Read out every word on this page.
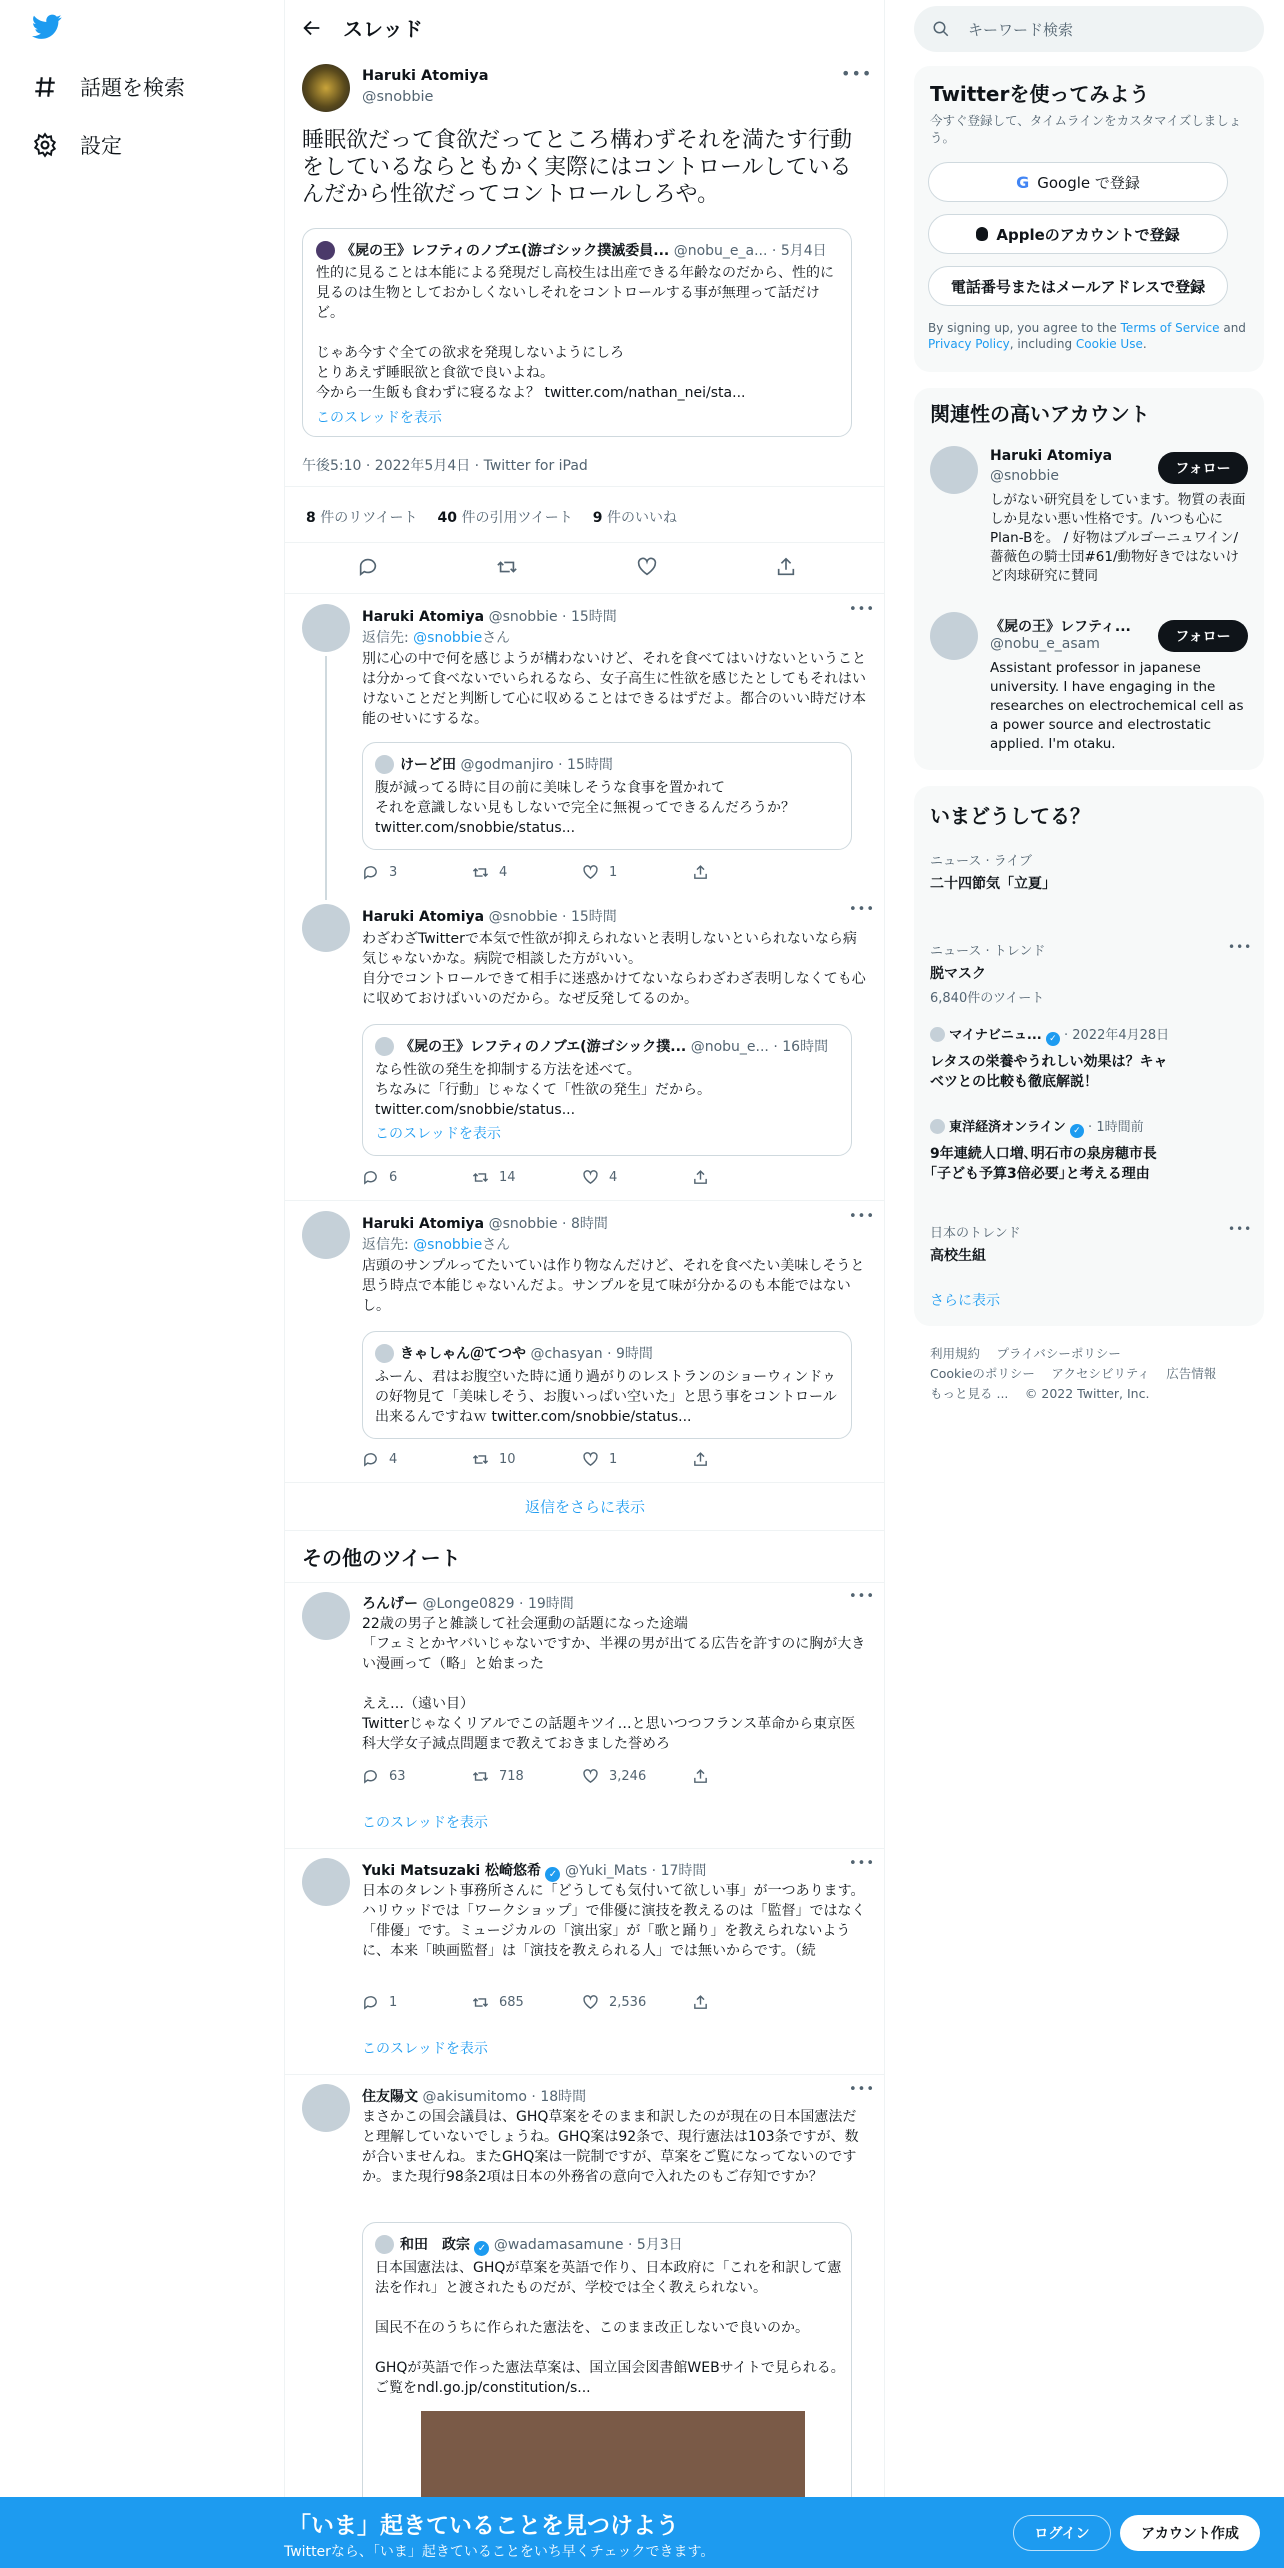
話題を検索
設定
スレッド
Haruki Atomiya
@snobbie
•••
睡眠欲だって食欲だってところ構わずそれを満たす行動をしているならともかく実際にはコントロールしているんだから性欲だってコントロールしろや。
《屍の王》レフティのノブエ(游ゴシック撲滅委員... @nobu_e_a... · 5月4日
性的に見ることは本能による発現だし高校生は出産できる年齢なのだから、性的に見るのは生物としておかしくないしそれをコントロールする事が無理って話だけど。

じゃあ今すぐ全ての欲求を発現しないようにしろ
とりあえず睡眠欲と食欲で良いよね。
今から一生飯も食わずに寝るなよ？ twitter.com/nathan_nei/sta...
このスレッドを表示
午後5:10 · 2022年5月4日 · Twitter for iPad
8 件のリツイート 40 件の引用ツイート 9 件のいいね
Haruki Atomiya @snobbie · 15時間	•••
返信先: @snobbieさん
別に心の中で何を感じようが構わないけど、それを食べてはいけないということは分かって食べないでいられるなら、女子高生に性欲を感じたとしてもそれはいけないことだと判断して心に収めることはできるはずだよ。都合のいい時だけ本能のせいにするな。
けーど田 @godmanjiro · 15時間
腹が減ってる時に目の前に美味しそうな食事を置かれて
それを意識しない見もしないで完全に無視ってできるんだろうか？
twitter.com/snobbie/status...
3	4	1
Haruki Atomiya @snobbie · 15時間	•••
わざわざTwitterで本気で性欲が抑えられないと表明しないといられないなら病気じゃないかな。病院で相談した方がいい。
自分でコントロールできて相手に迷惑かけてないならわざわざ表明しなくても心に収めておけばいいのだから。なぜ反発してるのか。
《屍の王》レフティのノブエ(游ゴシック撲... @nobu_e... · 16時間
なら性欲の発生を抑制する方法を述べて。
ちなみに「行動」じゃなくて「性欲の発生」だから。
twitter.com/snobbie/status...
このスレッドを表示
6	14	4
Haruki Atomiya @snobbie · 8時間	•••
返信先: @snobbieさん
店頭のサンプルってたいていは作り物なんだけど、それを食べたい美味しそうと思う時点で本能じゃないんだよ。サンプルを見て味が分かるのも本能ではないし。
きゃしゃん＠てつや @chasyan · 9時間
ふーん、君はお腹空いた時に通り過がりのレストランのショーウィンドゥの好物見て「美味しそう、お腹いっぱい空いた」と思う事をコントロール出来るんですねｗ twitter.com/snobbie/status...
4	10	1
返信をさらに表示
その他のツイート
ろんげー @Longe0829 · 19時間	•••
22歳の男子と雑談して社会運動の話題になった途端
「フェミとかヤバいじゃないですか、半裸の男が出てる広告を許すのに胸が大きい漫画って（略」と始まった

ええ…（遠い目）
Twitterじゃなくリアルでこの話題キツイ…と思いつつフランス革命から東京医科大学女子減点問題まで教えておきました誉めろ
63	718	3,246
このスレッドを表示
Yuki Matsuzaki 松崎悠希 ✓ @Yuki_Mats · 17時間	•••
日本のタレント事務所さんに「どうしても気付いて欲しい事」が一つあります。ハリウッドでは「ワークショップ」で俳優に演技を教えるのは「監督」ではなく「俳優」です。ミュージカルの「演出家」が「歌と踊り」を教えられないように、本来「映画監督」は「演技を教えられる人」では無いからです。（続
1	685	2,536
このスレッドを表示
住友陽文 @akisumitomo · 18時間	•••
まさかこの国会議員は、GHQ草案をそのまま和訳したのが現在の日本国憲法だと理解していないでしょうね。GHQ案は92条で、現行憲法は103条ですが、数が合いませんね。またGHQ案は一院制ですが、草案をご覧になってないのですか。また現行98条2項は日本の外務省の意向で入れたのもご存知ですか？
和田　政宗 ✓ @wadamasamune · 5月3日
日本国憲法は、GHQが草案を英語で作り、日本政府に「これを和訳して憲法を作れ」と渡されたものだが、学校では全く教えられない。

国民不在のうちに作られた憲法を、このまま改正しないで良いのか。

GHQが英語で作った憲法草案は、国立国会図書館WEBサイトで見られる。ご覧をndl.go.jp/constitution/s...
キーワード検索
Twitterを使ってみよう
今すぐ登録して、タイムラインをカスタマイズしましょう。
G Google で登録
Appleのアカウントで登録
電話番号またはメールアドレスで登録
By signing up, you agree to the Terms of Service and Privacy Policy, including Cookie Use.
関連性の高いアカウント
Haruki Atomiya
@snobbie	フォロー
しがない研究員をしています。物質の表面しか見ない悪い性格です。/いつも心にPlan-Bを。 / 好物はブルゴーニュワイン/薔薇色の騎士団#61/動物好きではないけど肉球研究に賛同
《屍の王》レフティ...
@nobu_e_asam	フォロー
Assistant professor in japanese university. I have engaging in the researches on electrochemical cell as a power source and electrostatic applied. I'm otaku.
いまどうしてる？
ニュース · ライブ
二十四節気「立夏」
ニュース · トレンド
脱マスク
6,840件のツイート
•••
マイナビニュ... ✓ · 2022年4月28日
レタスの栄養やうれしい効果は？キャベツとの比較も徹底解説！
東洋経済オンライン ✓ · 1時間前
9年連続人口増､明石市の泉房穂市長｢子ども予算3倍必要｣と考える理由
日本のトレンド
高校生組
•••
さらに表示
利用規約　 プライバシーポリシー
Cookieのポリシー　 アクセシビリティ　 広告情報
もっと見る ...　 © 2022 Twitter, Inc.
「いま」起きていることを見つけよう
Twitterなら、「いま」起きていることをいち早くチェックできます。
ログイン	アカウント作成
